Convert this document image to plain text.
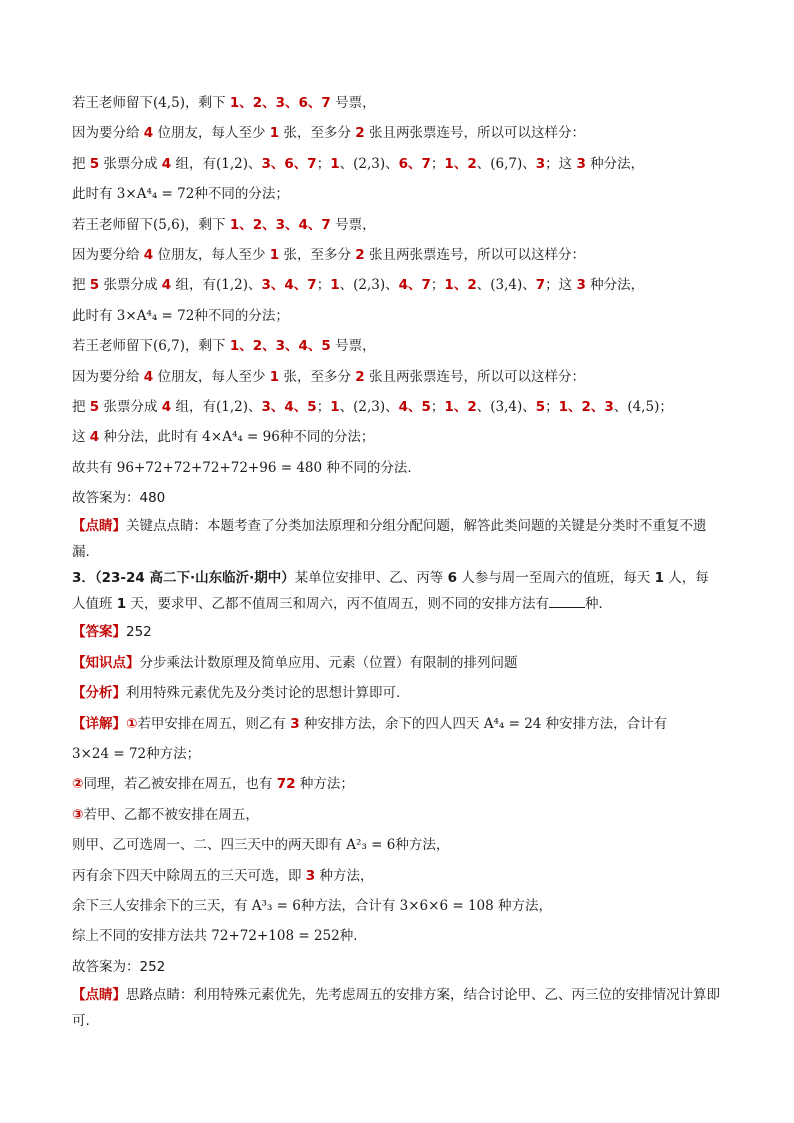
若王老师留下(4,5)，剩下 1、2、3、6、7 号票，
因为要分给 4 位朋友，每人至少 1 张，至多分 2 张且两张票连号，所以可以这样分：
把 5 张票分成 4 组，有(1,2)、3、6、7；1、(2,3)、6、7；1、2、(6,7)、3；这 3 种分法，
此时有 3×A⁴₄ = 72种不同的分法；
若王老师留下(5,6)，剩下 1、2、3、4、7 号票，
因为要分给 4 位朋友，每人至少 1 张，至多分 2 张且两张票连号，所以可以这样分：
把 5 张票分成 4 组，有(1,2)、3、4、7；1、(2,3)、4、7；1、2、(3,4)、7；这 3 种分法，
此时有 3×A⁴₄ = 72种不同的分法；
若王老师留下(6,7)，剩下 1、2、3、4、5 号票，
因为要分给 4 位朋友，每人至少 1 张，至多分 2 张且两张票连号，所以可以这样分：
把 5 张票分成 4 组，有(1,2)、3、4、5；1、(2,3)、4、5；1、2、(3,4)、5；1、2、3、(4,5)；
这 4 种分法，此时有 4×A⁴₄ = 96种不同的分法；
故共有 96+72+72+72+72+96 = 480 种不同的分法.
故答案为：480
【点睛】关键点点睛：本题考查了分类加法原理和分组分配问题，解答此类问题的关键是分类时不重复不遗漏.
3．（23-24 高二下·山东临沂·期中）某单位安排甲、乙、丙等 6 人参与周一至周六的值班，每天 1 人，每人值班 1 天，要求甲、乙都不值周三和周六，丙不值周五，则不同的安排方法有	种．
【答案】252
【知识点】分步乘法计数原理及简单应用、元素（位置）有限制的排列问题
【分析】利用特殊元素优先及分类讨论的思想计算即可.
【详解】①若甲安排在周五，则乙有 3 种安排方法，余下的四人四天 A⁴₄ = 24 种安排方法，合计有
3×24 = 72种方法；
②同理，若乙被安排在周五，也有 72 种方法；
③若甲、乙都不被安排在周五，
则甲、乙可选周一、二、四三天中的两天即有 A²₃ = 6种方法，
丙有余下四天中除周五的三天可选，即 3 种方法，
余下三人安排余下的三天，有 A³₃ = 6种方法，合计有 3×6×6 = 108 种方法，
综上不同的安排方法共 72+72+108 = 252种.
故答案为：252
【点睛】思路点睛：利用特殊元素优先，先考虑周五的安排方案，结合讨论甲、乙、丙三位的安排情况计算即可.
